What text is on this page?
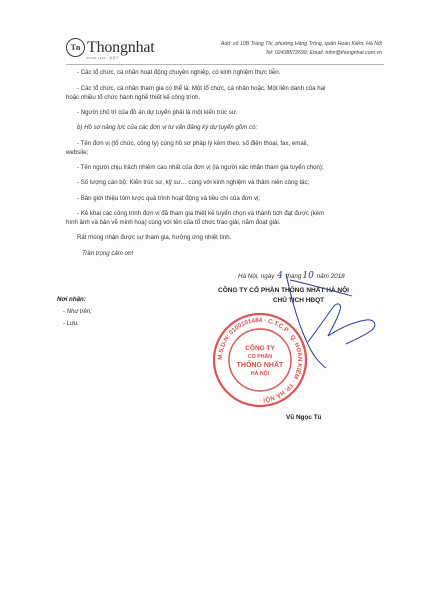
Tn Thongnhat
SINCE 1960 · 事用产
Add: số 10B Tràng Thi, phường Hàng Trống, quận Hoàn Kiếm, Hà Nội
Tel: 02438572699; Email: tnhn@thongnhat.com.vn
- Các tổ chức, cá nhân hoạt động chuyên nghiệp, có kinh nghiệm thực tiễn.
- Các tổ chức, cá nhân tham gia có thể là: Một tổ chức, cá nhân hoặc. Một liên danh của hai
hoặc nhiều tổ chức hành nghề thiết kế công trình.
- Người chủ trì của đồ án dự tuyển phải là một kiến trúc sư.
b) Hồ sơ năng lực của các đơn vị tư vấn đăng ký dự tuyển gồm có:
- Tên đơn vị (tổ chức, công ty) cùng hồ sơ pháp lý kèm theo, số điện thoại, fax, email,
website;
- Tên người chịu trách nhiệm cao nhất của đơn vị (là người xác nhận tham gia tuyển chọn);
- Số lượng cán bộ: Kiến trúc sư, kỹ sư… cùng với kinh nghiệm và thâm niên công tác;
- Bản giới thiệu tóm lược quá trình hoạt động và tiêu chí của đơn vị;
- Kê khai các công trình đơn vị đã tham gia thiết kế tuyển chọn và thành tích đạt được (kèm
hình ảnh và bản vẽ minh hoạ) cùng với tên của tổ chức trao giải, năm đoạt giải.
Rất mong nhận được sự tham gia, hưởng ứng nhiệt tình.
Trân trọng cảm ơn!
Hà Nội, ngày 4 tháng10 năm 2018
CÔNG TY CỔ PHẦN THỐNG NHẤT HÀ NỘI
CHỦ TỊCH HĐQT
Nơi nhận:
- Như trên;
- Lưu.
M.S.D.N: 0100101484 · C.T.C.P · Q. HOÀN KIẾM · TP. HÀ NỘI ·
CÔNG TY
CỔ PHẦN
THỐNG NHẤT
HÀ NỘI
Vũ Ngọc Tú
